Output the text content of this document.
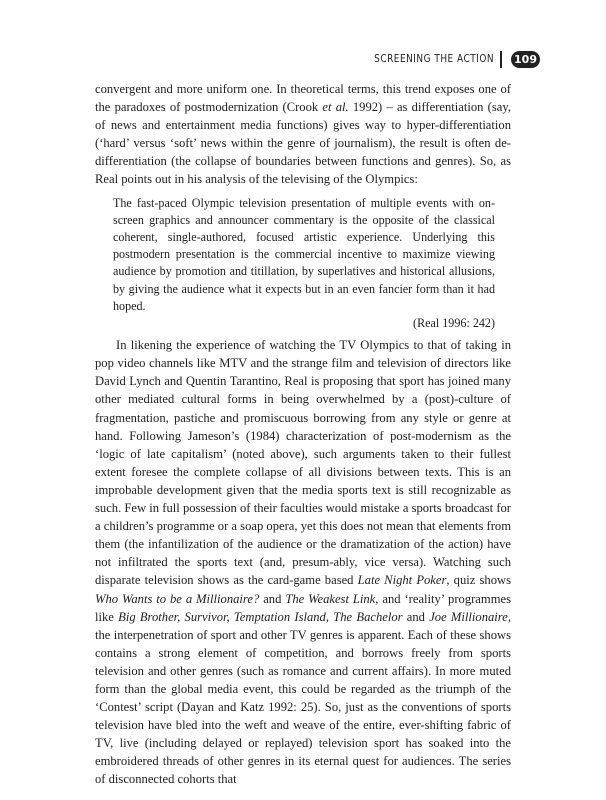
SCREENING THE ACTION 109

convergent and more uniform one. In theoretical terms, this trend exposes one of the paradoxes of postmodernization (Crook et al. 1992) – as differentiation (say, of news and entertainment media functions) gives way to hyper-differentiation (‘hard’ versus ‘soft’ news within the genre of journalism), the result is often de-differentiation (the collapse of boundaries between functions and genres). So, as Real points out in his analysis of the televising of the Olympics:

The fast-paced Olympic television presentation of multiple events with on-screen graphics and announcer commentary is the opposite of the classical coherent, single-authored, focused artistic experience. Underlying this postmodern presentation is the commercial incentive to maximize viewing audience by promotion and titillation, by superlatives and historical allusions, by giving the audience what it expects but in an even fancier form than it had hoped.

(Real 1996: 242)

In likening the experience of watching the TV Olympics to that of taking in pop video channels like MTV and the strange film and television of directors like David Lynch and Quentin Tarantino, Real is proposing that sport has joined many other mediated cultural forms in being overwhelmed by a (post)-culture of fragmentation, pastiche and promiscuous borrowing from any style or genre at hand. Following Jameson’s (1984) characterization of post-modernism as the ‘logic of late capitalism’ (noted above), such arguments taken to their fullest extent foresee the complete collapse of all divisions between texts. This is an improbable development given that the media sports text is still recognizable as such. Few in full possession of their faculties would mistake a sports broadcast for a children’s programme or a soap opera, yet this does not mean that elements from them (the infantilization of the audience or the dramatization of the action) have not infiltrated the sports text (and, presum-ably, vice versa). Watching such disparate television shows as the card-game based Late Night Poker, quiz shows Who Wants to be a Millionaire? and The Weakest Link, and ‘reality’ programmes like Big Brother, Survivor, Temptation Island, The Bachelor and Joe Millionaire, the interpenetration of sport and other TV genres is apparent. Each of these shows contains a strong element of competition, and borrows freely from sports television and other genres (such as romance and current affairs). In more muted form than the global media event, this could be regarded as the triumph of the ‘Contest’ script (Dayan and Katz 1992: 25). So, just as the conventions of sports television have bled into the weft and weave of the entire, ever-shifting fabric of TV, live (including delayed or replayed) television sport has soaked into the embroidered threads of other genres in its eternal quest for audiences. The series of disconnected cohorts that
